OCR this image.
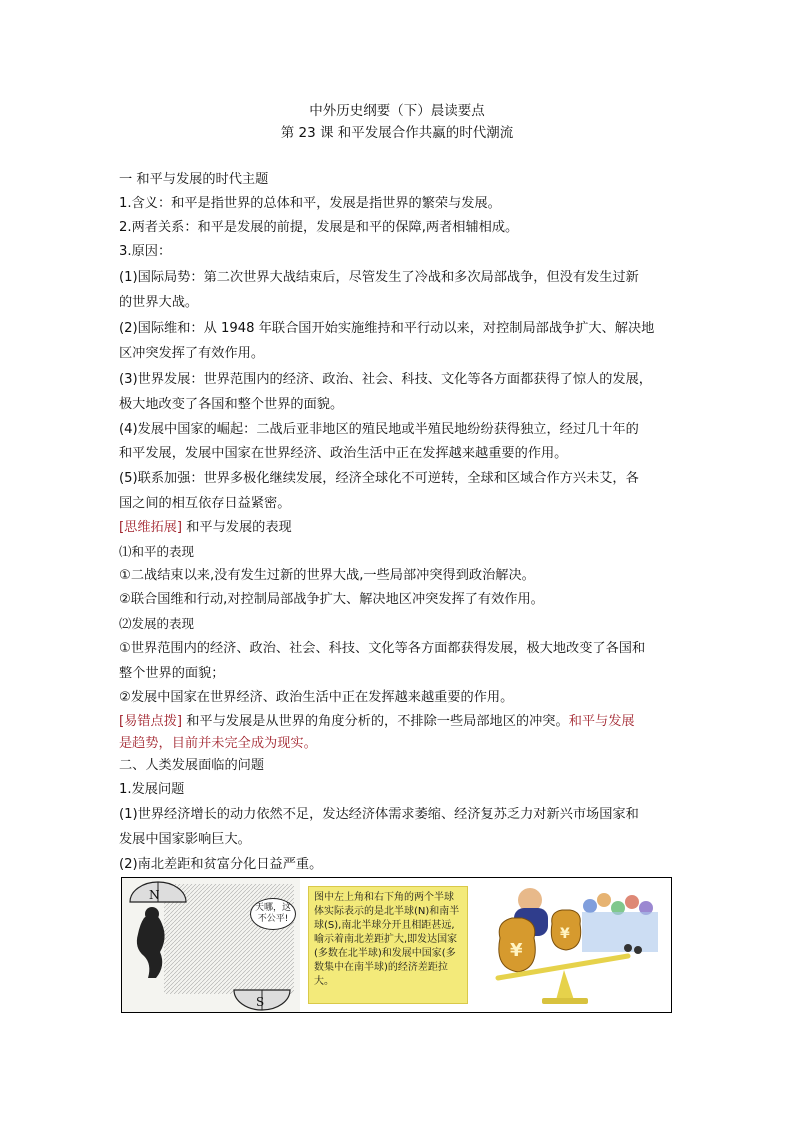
中外历史纲要（下）晨读要点
第 23 课 和平发展合作共赢的时代潮流
一 和平与发展的时代主题
1.含义：和平是指世界的总体和平，发展是指世界的繁荣与发展。
2.两者关系：和平是发展的前提，发展是和平的保障,两者相辅相成。
3.原因：
(1)国际局势：第二次世界大战结束后，尽管发生了冷战和多次局部战争，但没有发生过新
的世界大战。
(2)国际维和：从 1948 年联合国开始实施维持和平行动以来，对控制局部战争扩大、解决地
区冲突发挥了有效作用。
(3)世界发展：世界范围内的经济、政治、社会、科技、文化等各方面都获得了惊人的发展，
极大地改变了各国和整个世界的面貌。
(4)发展中国家的崛起：二战后亚非地区的殖民地或半殖民地纷纷获得独立，经过几十年的
和平发展，发展中国家在世界经济、政治生活中正在发挥越来越重要的作用。
(5)联系加强：世界多极化继续发展，经济全球化不可逆转，全球和区域合作方兴未艾，各
国之间的相互依存日益紧密。
[思维拓展] 和平与发展的表现
⑴和平的表现
①二战结束以来,没有发生过新的世界大战,一些局部冲突得到政治解决。
②联合国维和行动,对控制局部战争扩大、解决地区冲突发挥了有效作用。
⑵发展的表现
①世界范围内的经济、政治、社会、科技、文化等各方面都获得发展，极大地改变了各国和
整个世界的面貌；
②发展中国家在世界经济、政治生活中正在发挥越来越重要的作用。
[易错点拨] 和平与发展是从世界的角度分析的，不排除一些局部地区的冲突。和平与发展
是趋势，目前并未完全成为现实。
二、人类发展面临的问题
1.发展问题
(1)世界经济增长的动力依然不足，发达经济体需求萎缩、经济复苏乏力对新兴市场国家和
发展中国家影响巨大。
(2)南北差距和贫富分化日益严重。
N
S
天哪，这不公平!
图中左上角和右下角的两个半球体实际表示的是北半球(N)和南半球(S),南北半球分开且相距甚远,喻示着南北差距扩大,即发达国家(多数在北半球)和发展中国家(多数集中在南半球)的经济差距拉大。
¥
¥
